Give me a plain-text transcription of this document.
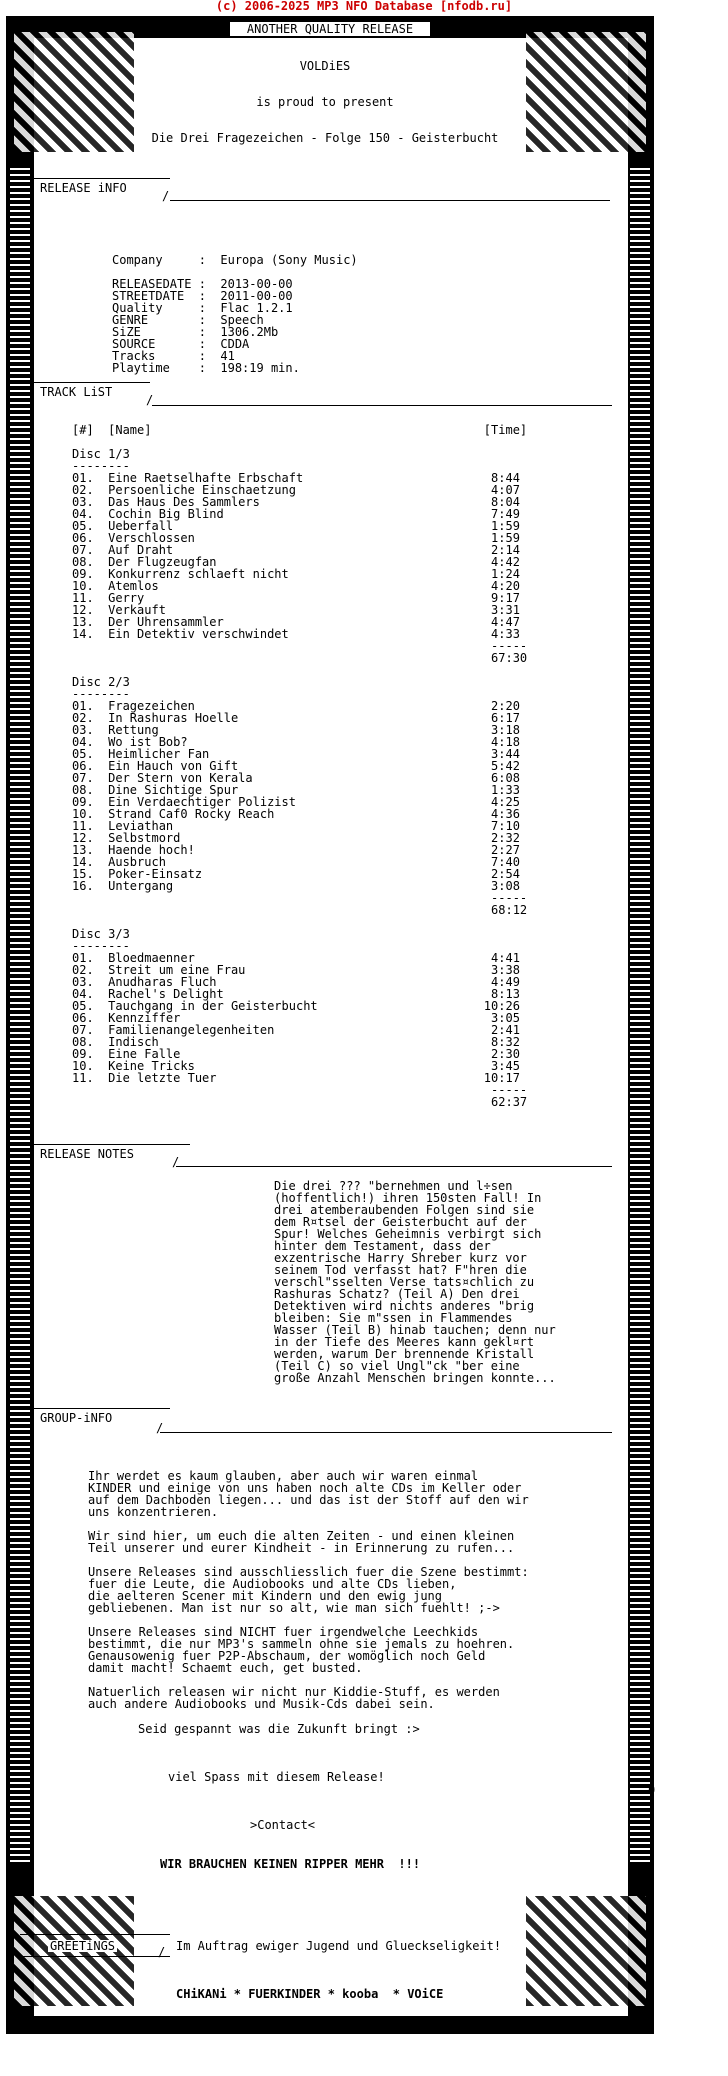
(c) 2006-2025 MP3 NFO Database [nfodb.ru]
ANOTHER QUALITY RELEASE
VOLDiES
is proud to present
Die Drei Fragezeichen - Folge 150 - Geisterbucht
RELEASE iNFO
/
Company     :  Europa (Sony Music)

RELEASEDATE :  2013-00-00
STREETDATE  :  2011-00-00
Quality     :  Flac 1.2.1
GENRE       :  Speech
SiZE        :  1306.2Mb
SOURCE      :  CDDA
Tracks      :  41
Playtime    :  198:19 min.
TRACK LiST
/
[#]  [Name]                                              [Time]
Disc 1/3
--------
01.  Eine Raetselhafte Erbschaft                          8:44
02.  Persoenliche Einschaetzung                           4:07
03.  Das Haus Des Sammlers                                8:04
04.  Cochin Big Blind                                     7:49
05.  Ueberfall                                            1:59
06.  Verschlossen                                         1:59
07.  Auf Draht                                            2:14
08.  Der Flugzeugfan                                      4:42
09.  Konkurrenz schlaeft nicht                            1:24
10.  Atemlos                                              4:20
11.  Gerry                                                9:17
12.  Verkauft                                             3:31
13.  Der Uhrensammler                                     4:47
14.  Ein Detektiv verschwindet                            4:33
-----
67:30

Disc 2/3
--------
01.  Fragezeichen                                         2:20
02.  In Rashuras Hoelle                                   6:17
03.  Rettung                                              3:18
04.  Wo ist Bob?                                          4:18
05.  Heimlicher Fan                                       3:44
06.  Ein Hauch von Gift                                   5:42
07.  Der Stern von Kerala                                 6:08
08.  Dine Sichtige Spur                                   1:33
09.  Ein Verdaechtiger Polizist                           4:25
10.  Strand Caf0 Rocky Reach                              4:36
11.  Leviathan                                            7:10
12.  Selbstmord                                           2:32
13.  Haende hoch!                                         2:27
14.  Ausbruch                                             7:40
15.  Poker-Einsatz                                        2:54
16.  Untergang                                            3:08
-----
68:12

Disc 3/3
--------
01.  Bloedmaenner                                         4:41
02.  Streit um eine Frau                                  3:38
03.  Anudharas Fluch                                      4:49
04.  Rachel's Delight                                     8:13
05.  Tauchgang in der Geisterbucht                       10:26
06.  Kennziffer                                           3:05
07.  Familienangelegenheiten                              2:41
08.  Indisch                                              8:32
09.  Eine Falle                                           2:30
10.  Keine Tricks                                         3:45
11.  Die letzte Tuer                                     10:17
-----
62:37

RELEASE NOTES
/
Die drei ??? "bernehmen und l÷sen
(hoffentlich!) ihren 150sten Fall! In
drei atemberaubenden Folgen sind sie
dem R¤tsel der Geisterbucht auf der
Spur! Welches Geheimnis verbirgt sich
hinter dem Testament, dass der
exzentrische Harry Shreber kurz vor
seinem Tod verfasst hat? F"hren die
verschl"sselten Verse tats¤chlich zu
Rashuras Schatz? (Teil A) Den drei
Detektiven wird nichts anderes "brig
bleiben: Sie m"ssen in Flammendes
Wasser (Teil B) hinab tauchen; denn nur
in der Tiefe des Meeres kann gekl¤rt
werden, warum Der brennende Kristall
(Teil C) so viel Ungl"ck "ber eine
große Anzahl Menschen bringen konnte...
GROUP-iNFO
/
Ihr werdet es kaum glauben, aber auch wir waren einmal
KINDER und einige von uns haben noch alte CDs im Keller oder
auf dem Dachboden liegen... und das ist der Stoff auf den wir
uns konzentrieren.

Wir sind hier, um euch die alten Zeiten - und einen kleinen
Teil unserer und eurer Kindheit - in Erinnerung zu rufen...

Unsere Releases sind ausschliesslich fuer die Szene bestimmt:
fuer die Leute, die Audiobooks und alte CDs lieben,
die aelteren Scener mit Kindern und den ewig jung
gebliebenen. Man ist nur so alt, wie man sich fuehlt! ;->

Unsere Releases sind NICHT fuer irgendwelche Leechkids
bestimmt, die nur MP3's sammeln ohne sie jemals zu hoehren.
Genausowenig fuer P2P-Abschaum, der womöglich noch Geld
damit macht! Schaemt euch, get busted.

Natuerlich releasen wir nicht nur Kiddie-Stuff, es werden
auch andere Audiobooks und Musik-Cds dabei sein.
Seid gespannt was die Zukunft bringt :>
viel Spass mit diesem Release!
>Contact<
WIR BRAUCHEN KEINEN RIPPER MEHR  !!!
GREETiNGS	/ Im Auftrag ewiger Jugend und Glueckseligkeit!
CHiKANi * FUERKINDER * kooba  * VOiCE
0
